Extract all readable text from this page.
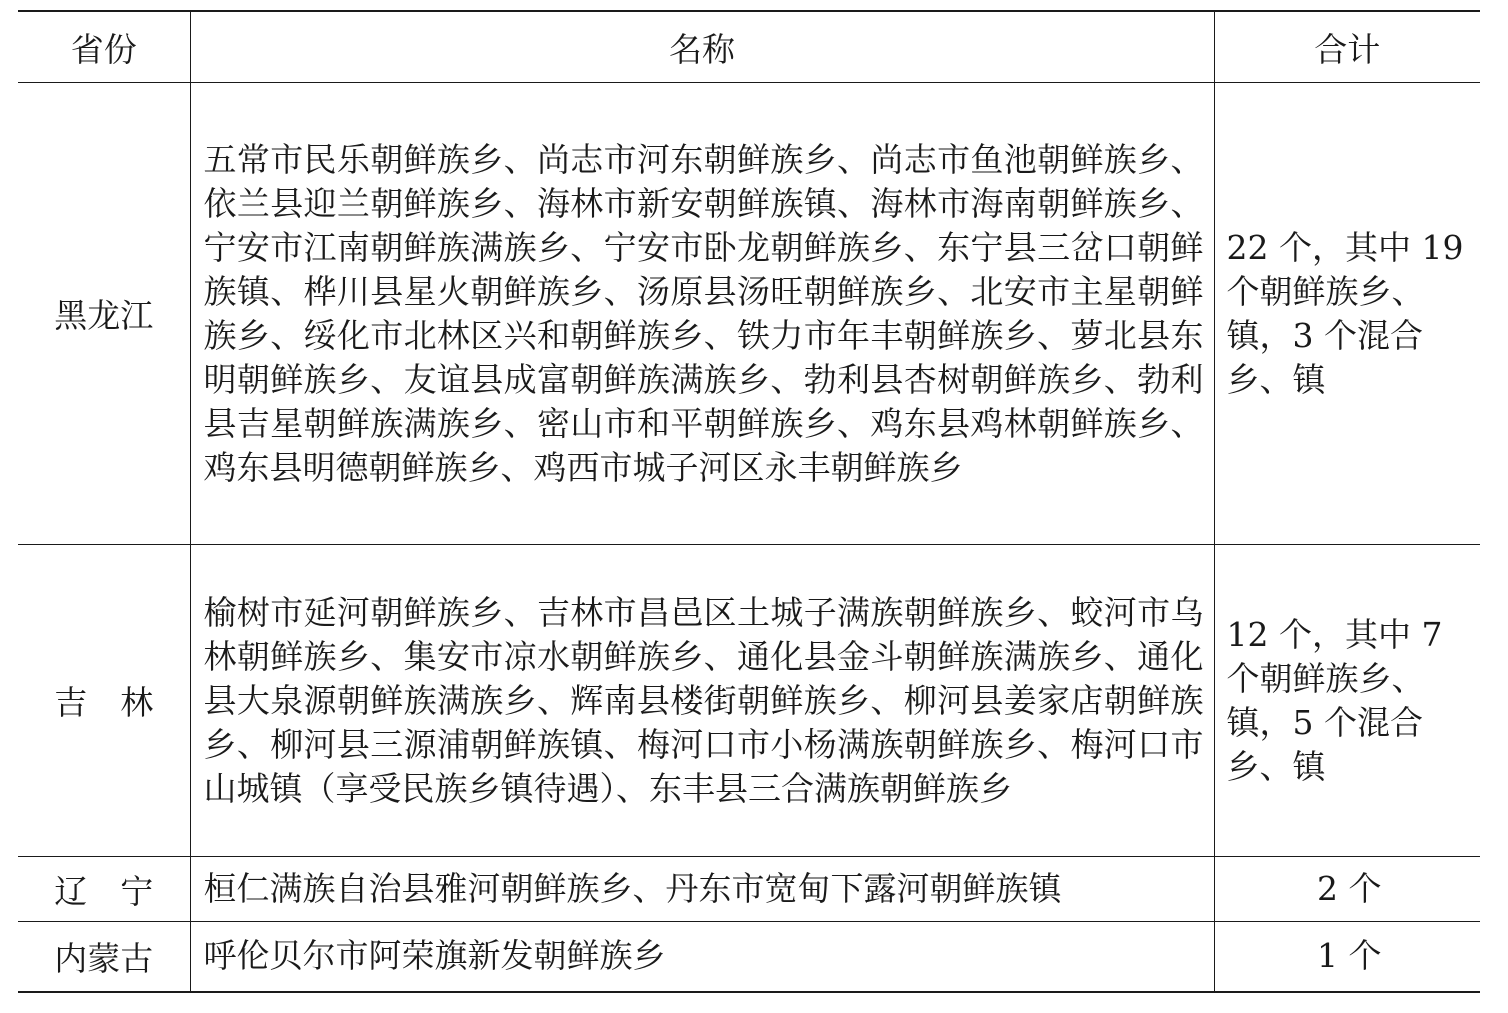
省份	名称	合计
黑龙江	五常市民乐朝鲜族乡、尚志市河东朝鲜族乡、尚志市鱼池朝鲜族乡、依兰县迎兰朝鲜族乡、海林市新安朝鲜族镇、海林市海南朝鲜族乡、宁安市江南朝鲜族满族乡、宁安市卧龙朝鲜族乡、东宁县三岔口朝鲜族镇、桦川县星火朝鲜族乡、汤原县汤旺朝鲜族乡、北安市主星朝鲜族乡、绥化市北林区兴和朝鲜族乡、铁力市年丰朝鲜族乡、萝北县东明朝鲜族乡、友谊县成富朝鲜族满族乡、勃利县杏树朝鲜族乡、勃利县吉星朝鲜族满族乡、密山市和平朝鲜族乡、鸡东县鸡林朝鲜族乡、鸡东县明德朝鲜族乡、鸡西市城子河区永丰朝鲜族乡	22 个，其中 19 个朝鲜族乡、镇，3 个混合乡、镇
吉　林	榆树市延河朝鲜族乡、吉林市昌邑区土城子满族朝鲜族乡、蛟河市乌林朝鲜族乡、集安市凉水朝鲜族乡、通化县金斗朝鲜族满族乡、通化县大泉源朝鲜族满族乡、辉南县楼街朝鲜族乡、柳河县姜家店朝鲜族乡、柳河县三源浦朝鲜族镇、梅河口市小杨满族朝鲜族乡、梅河口市山城镇（享受民族乡镇待遇）、东丰县三合满族朝鲜族乡	12 个，其中 7 个朝鲜族乡、镇，5 个混合乡、镇
辽　宁	桓仁满族自治县雅河朝鲜族乡、丹东市宽甸下露河朝鲜族镇	2 个
内蒙古	呼伦贝尔市阿荣旗新发朝鲜族乡	1 个
